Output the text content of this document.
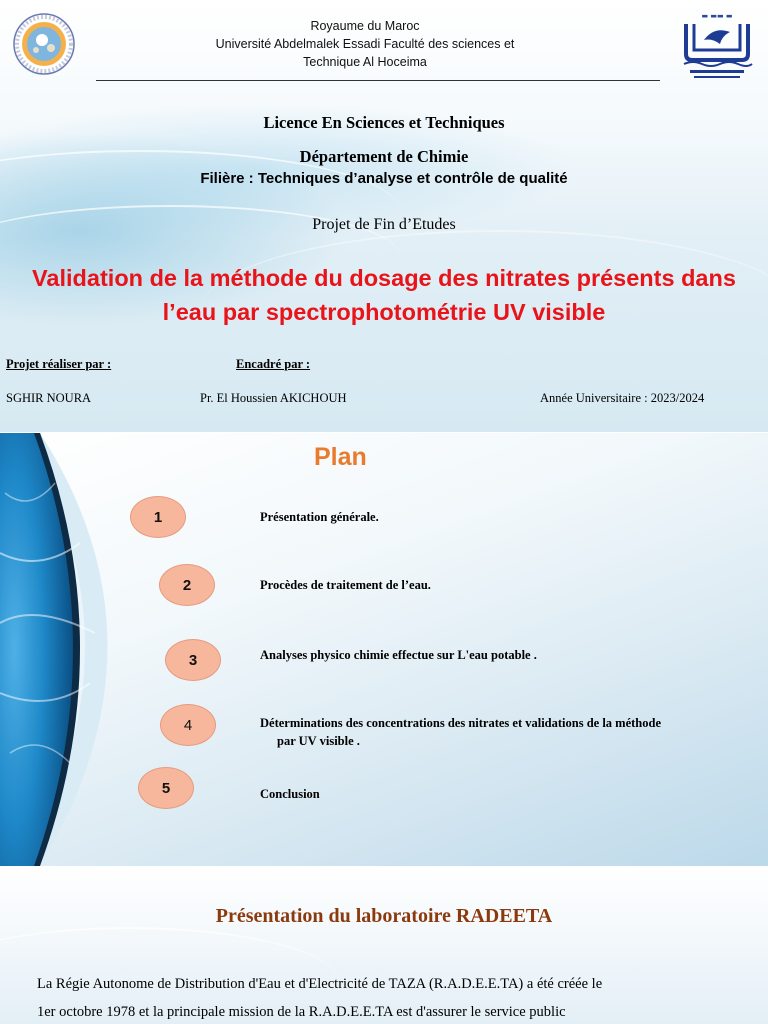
▬ ▬▬ ▬
Royaume du Maroc
Université Abdelmalek Essadi Faculté des sciences et
Technique Al Hoceima
Licence En Sciences et Techniques
Département de Chimie
Filière : Techniques d’analyse et contrôle de qualité
Projet de Fin d’Etudes
Validation de la méthode du dosage des nitrates présents dans
l’eau par spectrophotométrie UV visible
Projet réaliser par :	Encadré par :
SGHIR NOURA	Pr. El Houssien AKICHOUH	Année Universitaire : 2023/2024
Plan
1	Présentation générale.
2	Procèdes de traitement de l’eau.
3	Analyses physico chimie effectue sur L'eau potable .
4	Déterminations des concentrations des nitrates et validations de la méthode
par UV visible .
5	Conclusion
Présentation du laboratoire RADEETA
La Régie Autonome de Distribution d'Eau et d'Electricité de TAZA (R.A.D.E.E.TA) a été créée le
1er octobre 1978 et la principale mission de la R.A.D.E.E.TA est d'assurer le service public
